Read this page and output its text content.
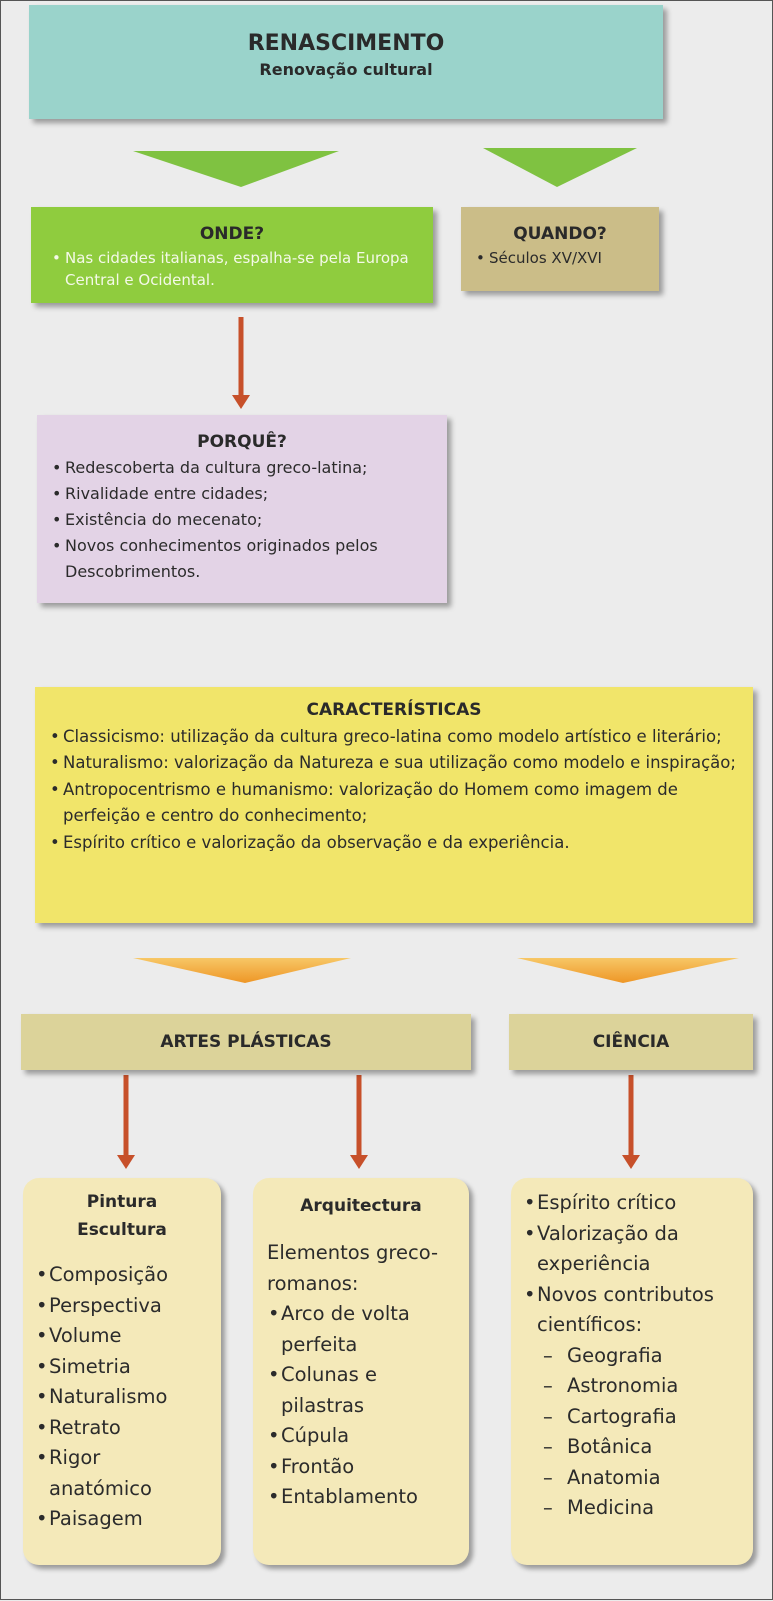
RENASCIMENTO
Renovação cultural
ONDE?
• Nas cidades italianas, espalha-se pela Europa Central e Ocidental.
QUANDO?
• Séculos XV/XVI
PORQUÊ?
• Redescoberta da cultura greco-latina;
• Rivalidade entre cidades;
• Existência do mecenato;
• Novos conhecimentos originados pelos Descobrimentos.
CARACTERÍSTICAS
• Classicismo: utilização da cultura greco-latina como modelo artístico e literário;
• Naturalismo: valorização da Natureza e sua utilização como modelo e inspiração;
• Antropocentrismo e humanismo: valorização do Homem como imagem de perfeição e centro do conhecimento;
• Espírito crítico e valorização da observação e da experiência.
ARTES PLÁSTICAS	CIÊNCIA
Pintura
Escultura
• Composição
• Perspectiva
• Volume
• Simetria
• Naturalismo
• Retrato
• Rigor anatómico
• Paisagem
Arquitectura
Elementos greco-romanos:
• Arco de volta perfeita
• Colunas e pilastras
• Cúpula
• Frontão
• Entablamento
• Espírito crítico
• Valorização da experiência
• Novos contributos científicos:
– Geografia
– Astronomia
– Cartografia
– Botânica
– Anatomia
– Medicina
